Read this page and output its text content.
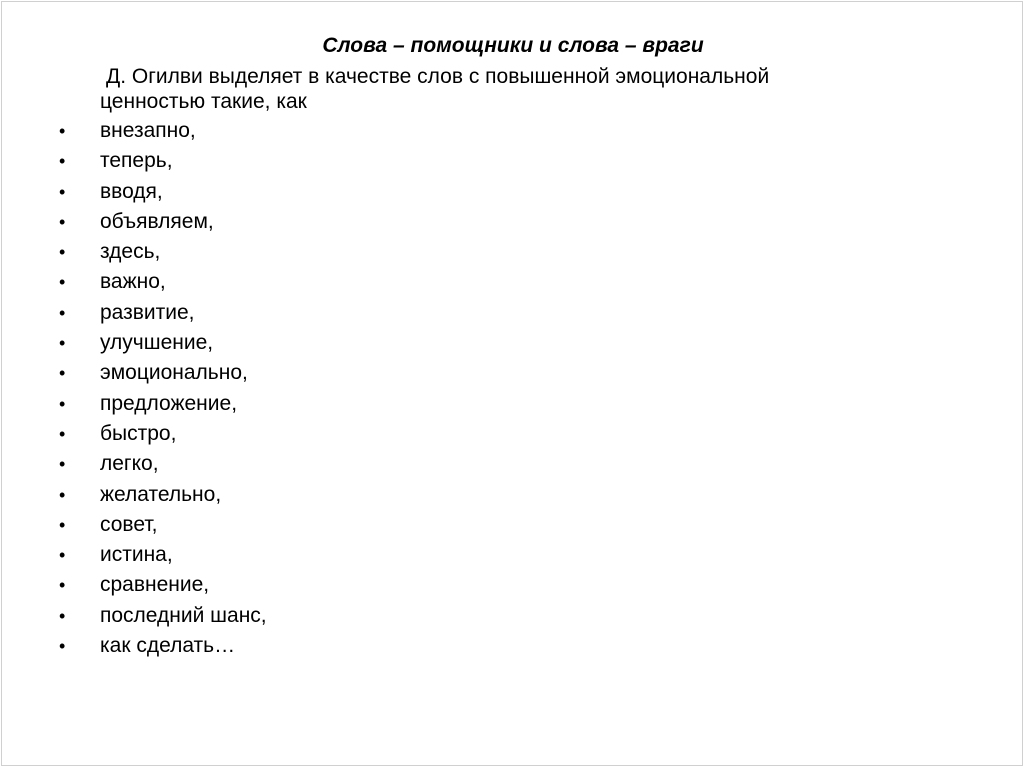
Слова – помощники и слова – враги
Д. Огилви выделяет в качестве слов с повышенной эмоциональной
ценностью такие, как
• внезапно,
• теперь,
• вводя,
• объявляем,
• здесь,
• важно,
• развитие,
• улучшение,
• эмоционально,
• предложение,
• быстро,
• легко,
• желательно,
• совет,
• истина,
• сравнение,
• последний шанс,
• как сделать…
